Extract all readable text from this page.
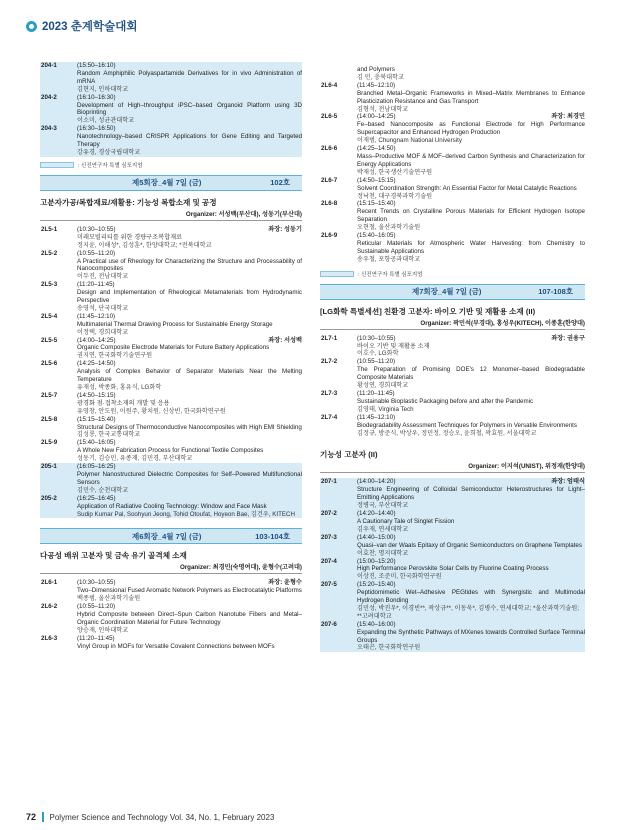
2023 춘계학술대회
204-1	(15:50–16:10)
Random Amphiphilic Polyaspartamide Derivatives for in vivo Administration of mRNA
김현지, 인하대학교
204-2	(16:10–16:30)
Development of High–throughput iPSC–based Organoid Platform using 3D Bioprinting
이소미, 성균관대학교
204-3	(16:30–16:50)
Nanotechnology–based CRISPR Applications for Gene Editing and Targeted Therapy
강유경, 경상국립대학교
: 신진연구자 특별 심포지엄
제5회장_4월 7일 (금)	102호
고분자가공/복합재료/재활용: 기능성 복합소재 및 공정
Organizer: 서성백(부산대), 성동기(부산대)
2L5-1	(10:30–10:55)	좌장: 성동기
미래모빌리티를 위한 경량구조복합재료
정지윤, 이해성*, 김성훈*, 한양대학교; *전북대학교
2L5-2	(10:55–11:20)
A Practical use of Rheology for Characterizing the Structure and Processability of Nanocomposites
이두진, 전남대학교
2L5-3	(11:20–11:45)
Design and Implementation of Rheological Metamaterials from Hydrodynamic Perspective
송영석, 단국대학교
2L5-4	(11:45–12:10)
Multimaterial Thermal Drawing Process for Sustainable Energy Storage
이정택, 경희대학교
2L5-5	(14:00–14:25)	좌장: 서성백
Organic Composite Electrode Materials for Future Battery Applications
권지연, 한국화학기술연구원
2L5-6	(14:25–14:50)
Analysis of Complex Behavior of Separator Materials Near the Melting Temperature
유재성, 박종화, 홍유식, LG화학
2L5-7	(14:50–15:15)
광경화 점·접착소재의 개발 및 응용
유영창, 안도원, 이원주, 황치원, 신상빈, 한국화학연구원
2L5-8	(15:15–15:40)
Structural Designs of Thermoconductive Nanocomposites with High EMI Shielding
김성룡, 한국교통대학교
2L5-9	(15:40–16:05)
A Whole New Fabrication Process for Functional Textile Composites
성동기, 김승민, 유종재, 김민경, 부산대학교
205-1	(16:05–16:25)
Polymer Nanostructured Dielectric Composites for Self–Powered Multifunctional Sensors
김민수, 순천대학교
205-2	(16:25–16:45)
Application of Radiative Cooling Technology: Window and Face Mask
Sudip Kumar Pal, Soohyun Jeong, Tohid Otoufat, Hoyeon Bae, 김건우, KITECH
제6회장_4월 7일 (금)	103-104호
다공성 배위 고분자 및 금속 유기 골격체 소재
Organizer: 최경민(숙명여대), 윤형수(고려대)
2L6-1	(10:30–10:55)	좌장: 윤형수
Two–Dimensional Fused Aromatic Network Polymers as Electrocatalytic Platforms
백종범, 울산과학기술원
2L6-2	(10:55–11:20)
Hybrid Composite between Direct–Spun Carbon Nanotube Fibers and Metal–Organic Coordination Material for Future Technology
양승재, 인하대학교
2L6-3	(11:20–11:45)
Vinyl Group in MOFs for Versatile Covalent Connections between MOFs
and Polymers
김 민, 충북대학교
2L6-4	(11:45–12:10)
Branched Metal–Organic Frameworks in Mixed–Matrix Membranes to Enhance Plasticization Resistance and Gas Transport
김형석, 전남대학교
2L6-5	(14:00–14:25)	좌장: 최경민
Fe–based Nanocomposite as Functional Electrode for High Performance Supercapacitor and Enhanced Hydrogen Production
이재범, Chungnam National University
2L6-6	(14:25–14:50)
Mass–Productive MOF & MOF–derived Carbon Synthesis and Characterization for Energy Applications
박재성, 한국생산기술연구원
2L6-7	(14:50–15:15)
Solvent Coordination Strength: An Essential Factor for Metal Catalytic Reactions
정낙천, 대구경북과학기술원
2L6-8	(15:15–15:40)
Recent Trends on Crystalline Porous Materials for Efficient Hydrogen Isotope Separation
오현철, 울산과학기술원
2L6-9	(15:40–16:05)
Reticular Materials for Atmospheric Water Harvesting: from Chemistry to Sustainable Applications
송우철, 포항공과대학교
: 신진연구자 특별 심포지엄
제7회장_4월 7일 (금)	107-108호
[LG화학 특별세션] 친환경 고분자: 바이오 기반 및 재활용 소재 (II)
Organizer: 곽민석(부경대), 홍성우(KITECH), 이종훈(한양대)
2L7-1	(10:30–10:55)	좌장: 권용구
바이오 기반 및 재활용 소재
이호수, LG화학
2L7-2	(10:55–11:20)
The Preparation of Promising DOE's 12 Monomer–based Biodegradable Composite Materials
황성연, 경희대학교
2L7-3	(11:20–11:45)
Sustainable Bioplastic Packaging before and after the Pandemic
김영태, Virginia Tech
2L7-4	(11:45–12:10)
Biodegradability Assessment Techniques for Polymers in Versatile Environments
김정규, 방준식, 박상우, 정민정, 정승오, 윤희철, 곽효원, 서울대학교
기능성 고분자 (II)
Organizer: 이지석(UNIST), 위정재(한양대)
207-1	(14:00–14:20)	좌장: 엄태식
Structure Engineering of Colloidal Semiconductor Heterostructures for Light–Emitting Applications
정병국, 부산대학교
207-2	(14:20–14:40)
A Cautionary Tale of Singlet Fission
김우재, 연세대학교
207-3	(14:40–15:00)
Quasi–van der Waals Epitaxy of Organic Semiconductors on Graphene Templates
이효찬, 명지대학교
207-4	(15:00–15:20)
High Performance Perovskite Solar Cells by Fluorine Coating Process
이상진, 조준미, 한국화학연구원
207-5	(15:20–15:40)
Peptidomimetic Wet–Adhesive PEGtides with Synergistic and Multimodal Hydrogen Bonding
김민성, 박진우*, 이경빈**, 곽상규**, 이동욱*, 김병수, 연세대학교; *울산과학기술원; **고려대학교
207-6	(15:40–16:00)
Expanding the Synthetic Pathways of MXenes towards Controlled Surface Terminal Groups
오태곤, 한국화학연구원
72 Polymer Science and Technology Vol. 34, No. 1, February 2023
